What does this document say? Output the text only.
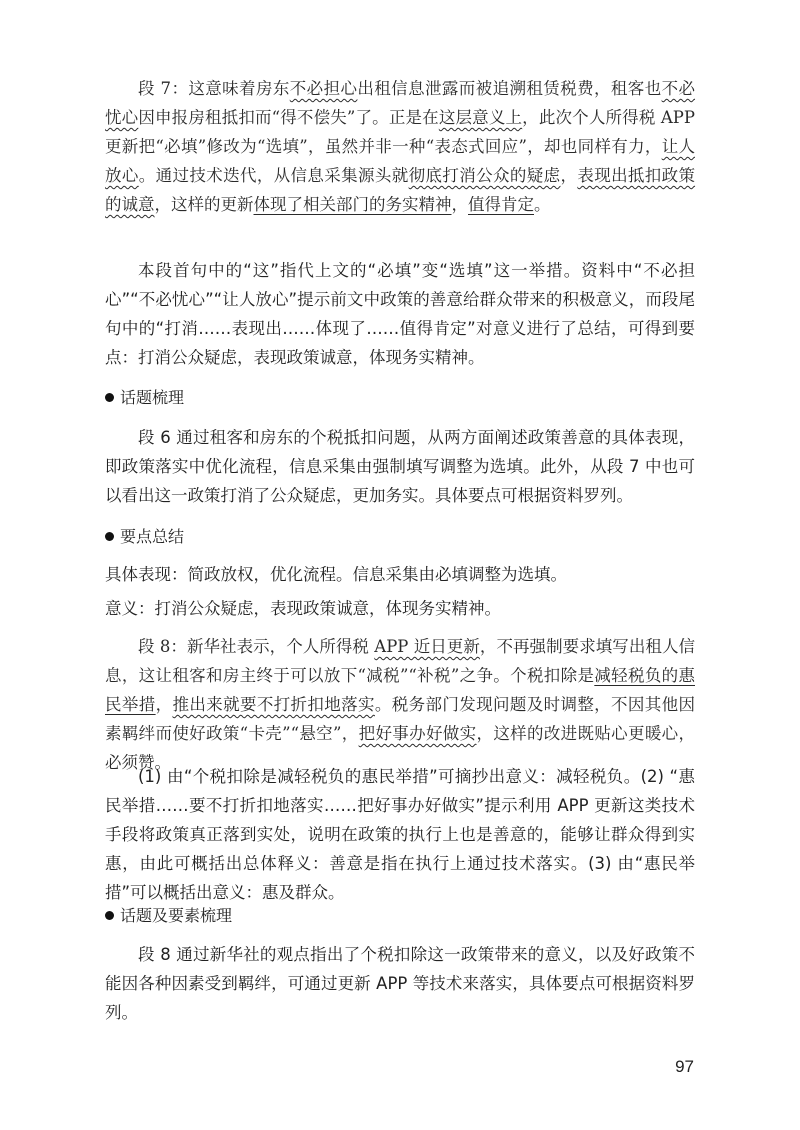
段 7：这意味着房东不必担心出租信息泄露而被追溯租赁税费，租客也不必忧心因申报房租抵扣而“得不偿失”了。正是在这层意义上，此次个人所得税 APP 更新把“必填”修改为“选填”，虽然并非一种“表态式回应”，却也同样有力，让人放心。通过技术迭代，从信息采集源头就彻底打消公众的疑虑，表现出抵扣政策的诚意，这样的更新体现了相关部门的务实精神，值得肯定。

本段首句中的“这”指代上文的“必填”变“选填”这一举措。资料中“不必担心”“不必忧心”“让人放心”提示前文中政策的善意给群众带来的积极意义，而段尾句中的“打消……表现出……体现了……值得肯定”对意义进行了总结，可得到要点：打消公众疑虑，表现政策诚意，体现务实精神。

话题梳理

段 6 通过租客和房东的个税抵扣问题，从两方面阐述政策善意的具体表现，即政策落实中优化流程，信息采集由强制填写调整为选填。此外，从段 7 中也可以看出这一政策打消了公众疑虑，更加务实。具体要点可根据资料罗列。

要点总结

具体表现：简政放权，优化流程。信息采集由必填调整为选填。

意义：打消公众疑虑，表现政策诚意，体现务实精神。

段 8：新华社表示，个人所得税 APP 近日更新，不再强制要求填写出租人信息，这让租客和房主终于可以放下“减税”“补税”之争。个税扣除是减轻税负的惠民举措，推出来就要不打折扣地落实。税务部门发现问题及时调整，不因其他因素羁绊而使好政策“卡壳”“悬空”，把好事办好做实，这样的改进既贴心更暖心，必须赞。

(1) 由“个税扣除是减轻税负的惠民举措”可摘抄出意义：减轻税负。(2) “惠民举措……要不打折扣地落实……把好事办好做实”提示利用 APP 更新这类技术手段将政策真正落到实处，说明在政策的执行上也是善意的，能够让群众得到实惠，由此可概括出总体释义：善意是指在执行上通过技术落实。(3) 由“惠民举措”可以概括出意义：惠及群众。

话题及要素梳理

段 8 通过新华社的观点指出了个税扣除这一政策带来的意义，以及好政策不能因各种因素受到羁绊，可通过更新 APP 等技术来落实，具体要点可根据资料罗列。

97
